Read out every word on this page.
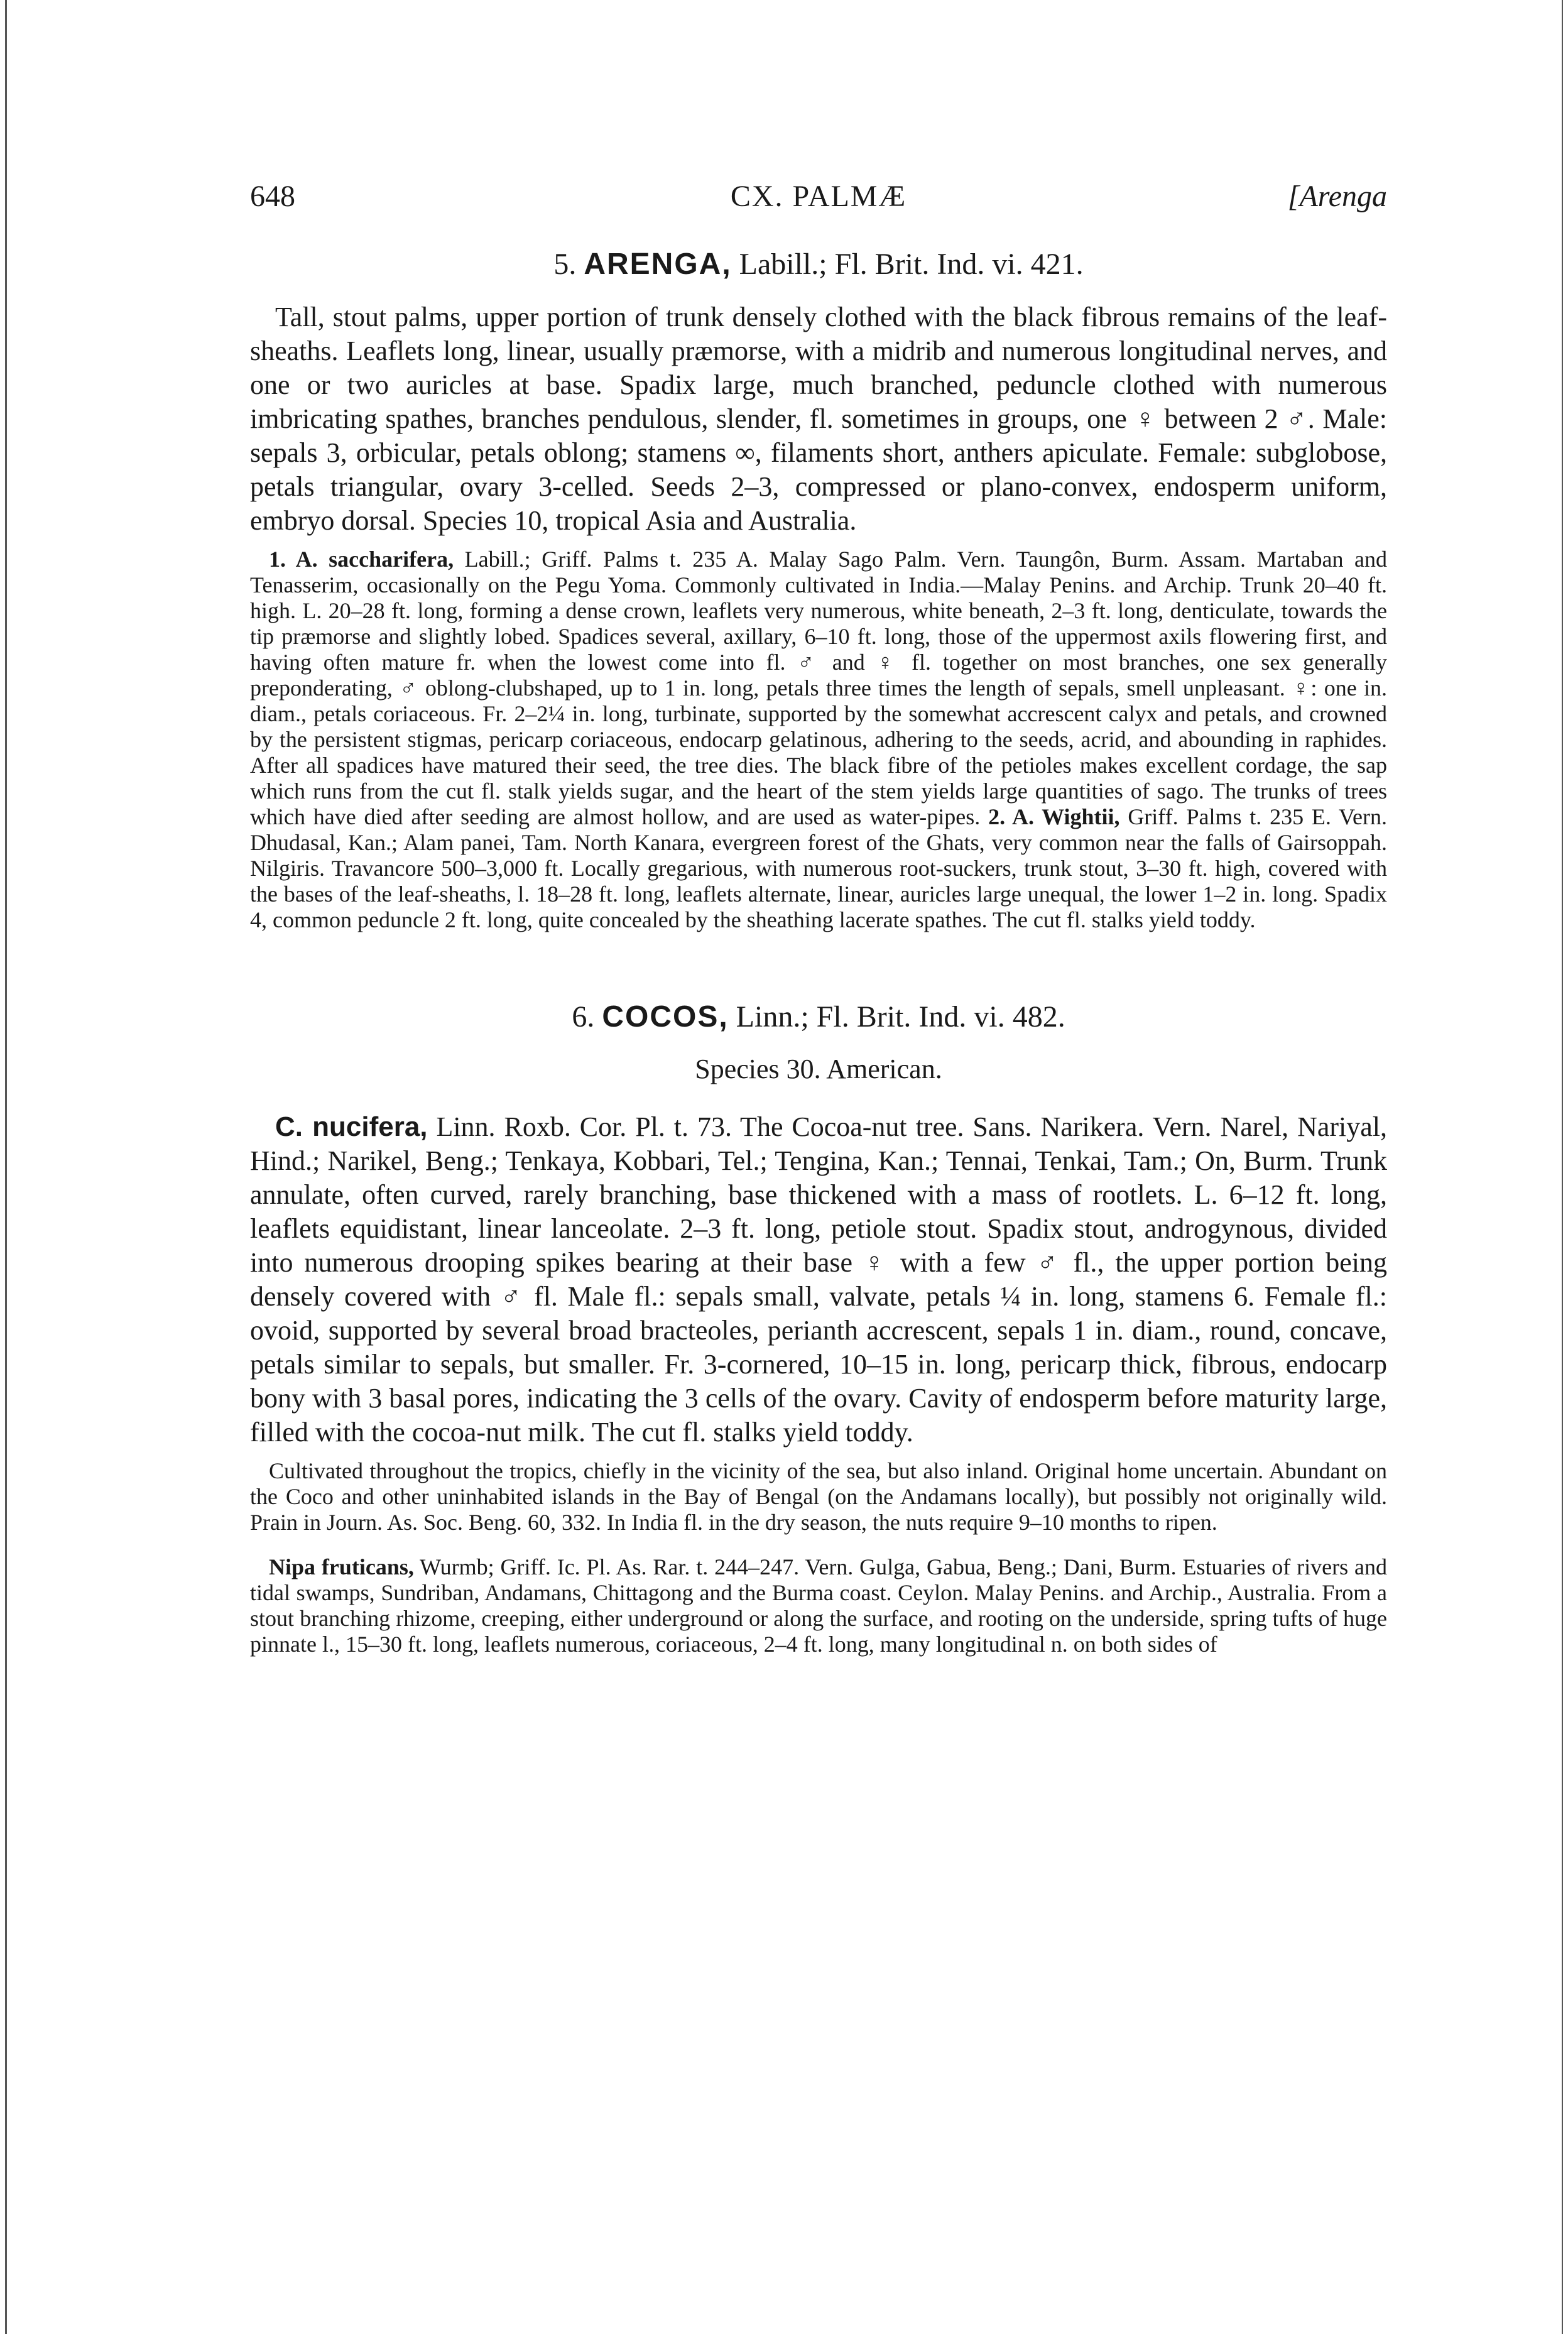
648	CX. PALMÆ	[Arenga
5. ARENGA, Labill.; Fl. Brit. Ind. vi. 421.

Tall, stout palms, upper portion of trunk densely clothed with the black fibrous remains of the leaf-sheaths. Leaflets long, linear, usually præmorse, with a midrib and numerous longitudinal nerves, and one or two auricles at base. Spadix large, much branched, peduncle clothed with numerous imbricating spathes, branches pendulous, slender, fl. sometimes in groups, one ♀ between 2 ♂. Male: sepals 3, orbicular, petals oblong; stamens ∞, filaments short, anthers apiculate. Female: subglobose, petals triangular, ovary 3-celled. Seeds 2–3, compressed or plano-convex, endosperm uniform, embryo dorsal. Species 10, tropical Asia and Australia.

1. A. saccharifera, Labill.; Griff. Palms t. 235 A. Malay Sago Palm. Vern. Taungôn, Burm. Assam. Martaban and Tenasserim, occasionally on the Pegu Yoma. Commonly cultivated in India.—Malay Penins. and Archip. Trunk 20–40 ft. high. L. 20–28 ft. long, forming a dense crown, leaflets very numerous, white beneath, 2–3 ft. long, denticulate, towards the tip præmorse and slightly lobed. Spadices several, axillary, 6–10 ft. long, those of the uppermost axils flowering first, and having often mature fr. when the lowest come into fl. ♂ and ♀ fl. together on most branches, one sex generally preponderating, ♂ oblong-clubshaped, up to 1 in. long, petals three times the length of sepals, smell unpleasant. ♀: one in. diam., petals coriaceous. Fr. 2–2¼ in. long, turbinate, supported by the somewhat accrescent calyx and petals, and crowned by the persistent stigmas, pericarp coriaceous, endocarp gelatinous, adhering to the seeds, acrid, and abounding in raphides. After all spadices have matured their seed, the tree dies. The black fibre of the petioles makes excellent cordage, the sap which runs from the cut fl. stalk yields sugar, and the heart of the stem yields large quantities of sago. The trunks of trees which have died after seeding are almost hollow, and are used as water-pipes. 2. A. Wightii, Griff. Palms t. 235 E. Vern. Dhudasal, Kan.; Alam panei, Tam. North Kanara, evergreen forest of the Ghats, very common near the falls of Gairsoppah. Nilgiris. Travancore 500–3,000 ft. Locally gregarious, with numerous root-suckers, trunk stout, 3–30 ft. high, covered with the bases of the leaf-sheaths, l. 18–28 ft. long, leaflets alternate, linear, auricles large unequal, the lower 1–2 in. long. Spadix 4, common peduncle 2 ft. long, quite concealed by the sheathing lacerate spathes. The cut fl. stalks yield toddy.

6. COCOS, Linn.; Fl. Brit. Ind. vi. 482.
Species 30. American.

C. nucifera, Linn. Roxb. Cor. Pl. t. 73. The Cocoa-nut tree. Sans. Narikera. Vern. Narel, Nariyal, Hind.; Narikel, Beng.; Tenkaya, Kobbari, Tel.; Tengina, Kan.; Tennai, Tenkai, Tam.; On, Burm. Trunk annulate, often curved, rarely branching, base thickened with a mass of rootlets. L. 6–12 ft. long, leaflets equidistant, linear lanceolate. 2–3 ft. long, petiole stout. Spadix stout, androgynous, divided into numerous drooping spikes bearing at their base ♀ with a few ♂ fl., the upper portion being densely covered with ♂ fl. Male fl.: sepals small, valvate, petals ¼ in. long, stamens 6. Female fl.: ovoid, supported by several broad bracteoles, perianth accrescent, sepals 1 in. diam., round, concave, petals similar to sepals, but smaller. Fr. 3-cornered, 10–15 in. long, pericarp thick, fibrous, endocarp bony with 3 basal pores, indicating the 3 cells of the ovary. Cavity of endosperm before maturity large, filled with the cocoa-nut milk. The cut fl. stalks yield toddy.

Cultivated throughout the tropics, chiefly in the vicinity of the sea, but also inland. Original home uncertain. Abundant on the Coco and other uninhabited islands in the Bay of Bengal (on the Andamans locally), but possibly not originally wild. Prain in Journ. As. Soc. Beng. 60, 332. In India fl. in the dry season, the nuts require 9–10 months to ripen.

Nipa fruticans, Wurmb; Griff. Ic. Pl. As. Rar. t. 244–247. Vern. Gulga, Gabua, Beng.; Dani, Burm. Estuaries of rivers and tidal swamps, Sundriban, Andamans, Chittagong and the Burma coast. Ceylon. Malay Penins. and Archip., Australia. From a stout branching rhizome, creeping, either underground or along the surface, and rooting on the underside, spring tufts of huge pinnate l., 15–30 ft. long, leaflets numerous, coriaceous, 2–4 ft. long, many longitudinal n. on both sides of
